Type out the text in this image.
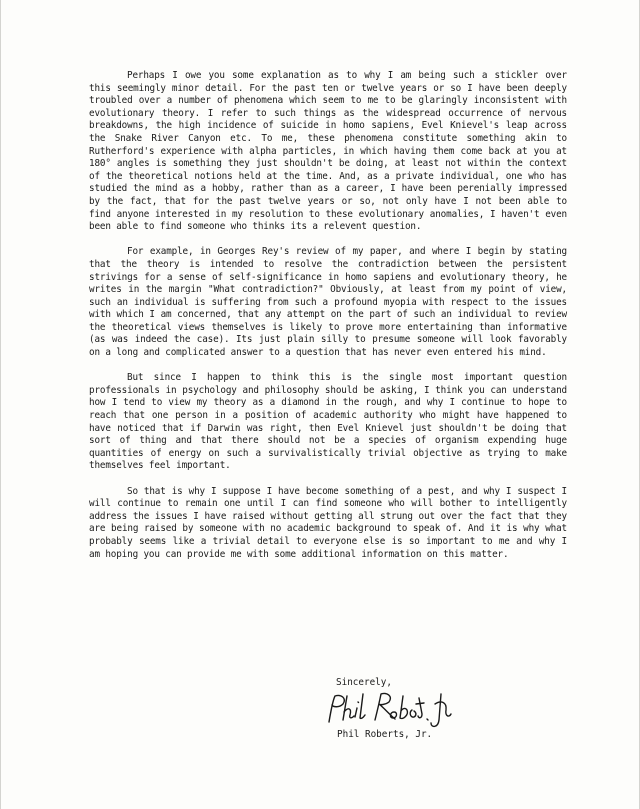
Perhaps I owe you some explanation as to why I am being such a stickler over this seemingly minor detail. For the past ten or twelve years or so I have been deeply troubled over a number of phenomena which seem to me to be glaringly inconsistent with evolutionary theory. I refer to such things as the widespread occurrence of nervous breakdowns, the high incidence of suicide in homo sapiens, Evel Knievel's leap across the Snake River Canyon etc. To me, these phenomena constitute something akin to Rutherford's experience with alpha particles, in which having them come back at you at 180° angles is something they just shouldn't be doing, at least not within the context of the theoretical notions held at the time. And, as a private individual, one who has studied the mind as a hobby, rather than as a career, I have been perenially impressed by the fact, that for the past twelve years or so, not only have I not been able to find anyone interested in my resolution to these evolutionary anomalies, I haven't even been able to find someone who thinks its a relevent question.

For example, in Georges Rey's review of my paper, and where I begin by stating that the theory is intended to resolve the contradiction between the persistent strivings for a sense of self-significance in homo sapiens and evolutionary theory, he writes in the margin "What contradiction?" Obviously, at least from my point of view, such an individual is suffering from such a profound myopia with respect to the issues with which I am concerned, that any attempt on the part of such an individual to review the theoretical views themselves is likely to prove more entertaining than informative (as was indeed the case). Its just plain silly to presume someone will look favorably on a long and complicated answer to a question that has never even entered his mind.

But since I happen to think this is the single most important question professionals in psychology and philosophy should be asking, I think you can understand how I tend to view my theory as a diamond in the rough, and why I continue to hope to reach that one person in a position of academic authority who might have happened to have noticed that if Darwin was right, then Evel Knievel just shouldn't be doing that sort of thing and that there should not be a species of organism expending huge quantities of energy on such a survivalistically trivial objective as trying to make themselves feel important.

So that is why I suppose I have become something of a pest, and why I suspect I will continue to remain one until I can find someone who will bother to intelligently address the issues I have raised without getting all strung out over the fact that they are being raised by someone with no academic background to speak of. And it is why what probably seems like a trivial detail to everyone else is so important to me and why I am hoping you can provide me with some additional information on this matter.

Sincerely,
Phil Roberts, Jr.
